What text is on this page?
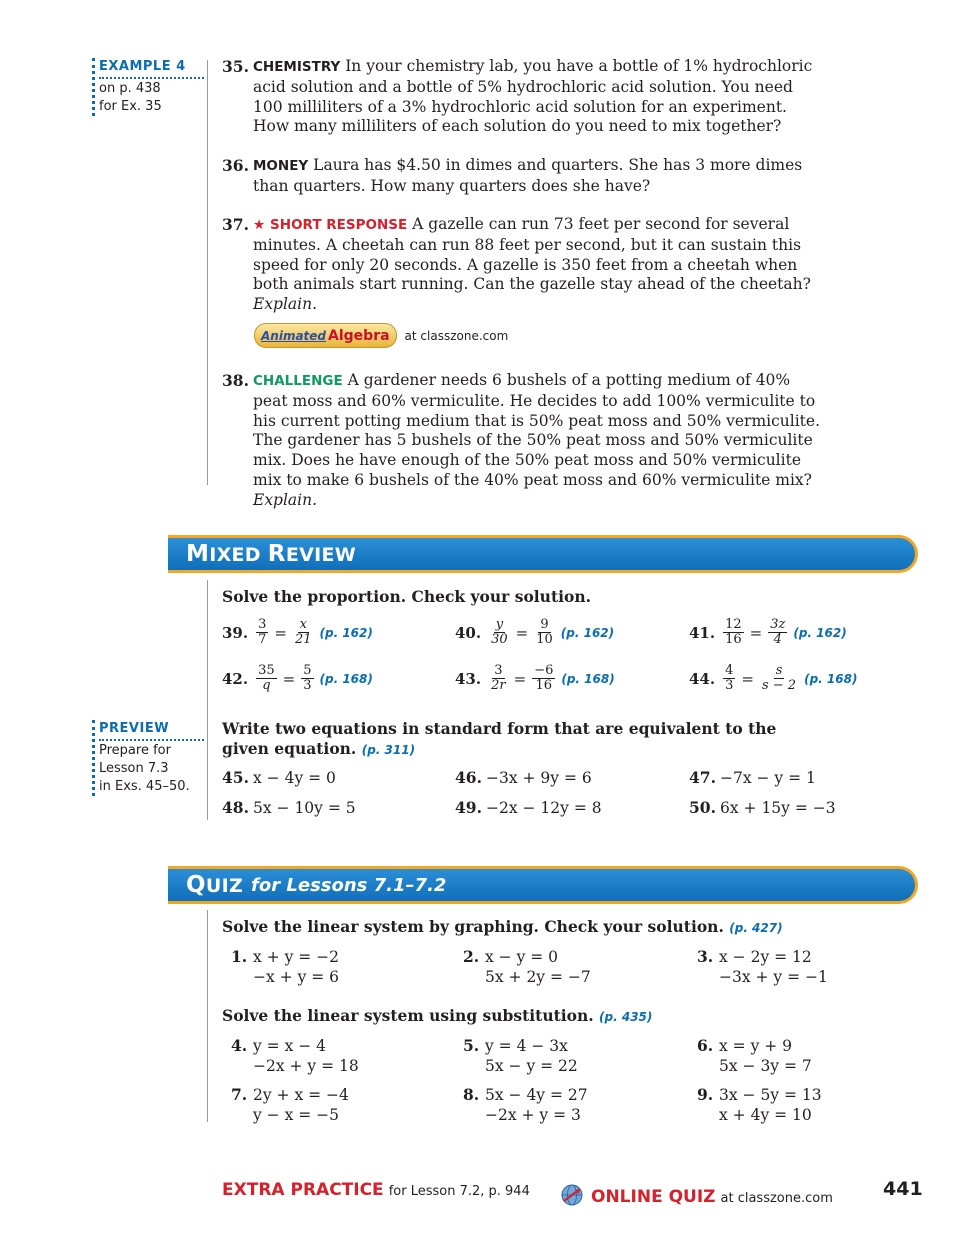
EXAMPLE 4
on p. 438
for Ex. 35
35. CHEMISTRY In your chemistry lab, you have a bottle of 1% hydrochloric acid solution and a bottle of 5% hydrochloric acid solution. You need 100 milliliters of a 3% hydrochloric acid solution for an experiment. How many milliliters of each solution do you need to mix together?
36. MONEY Laura has $4.50 in dimes and quarters. She has 3 more dimes than quarters. How many quarters does she have?
37. ★ SHORT RESPONSE A gazelle can run 73 feet per second for several minutes. A cheetah can run 88 feet per second, but it can sustain this speed for only 20 seconds. A gazelle is 350 feet from a cheetah when both animals start running. Can the gazelle stay ahead of the cheetah?
Explain.
Animated Algebra at classzone.com
38. CHALLENGE A gardener needs 6 bushels of a potting medium of 40% peat moss and 60% vermiculite. He decides to add 100% vermiculite to his current potting medium that is 50% peat moss and 50% vermiculite. The gardener has 5 bushels of the 50% peat moss and 50% vermiculite mix. Does he have enough of the 50% peat moss and 50% vermiculite mix to make 6 bushels of the 40% peat moss and 60% vermiculite mix? Explain.
MIXED REVIEW
Solve the proportion. Check your solution.
39. $\frac{3}{7} = \frac{x}{21} (p$. 162)	40. $\frac{y}{30} = \frac{9}{10} (p$. 162)	41. $\frac{12}{16} = \frac{3z}{4} (p$. 162)
42. $\frac{35}{q} = \frac{5}{3} (p$. 168)	43. $\frac{3}{2r} = \frac{-6}{16} (p$. 168)	44. $\frac{4}{3} = \frac{s}{s - 2} (p$. 168)
PREVIEW
Prepare for
Lesson 7.3
in Exs. 45–50.
Write two equations in standard form that are equivalent to the
given equation. (p. 311)
45. x − 4y = 0	46. −3x + 9y = 6	47. −7x − y = 1
48. 5x − 10y = 5	49. −2x − 12y = 8	50. 6x + 15y = −3
QUIZ for Lessons 7.1–7.2
Solve the linear system by graphing. Check your solution. (p. 427)
1. x + y = −2
−x + y = 6
2. x − y = 0
5x + 2y = −7
3. x − 2y = 12
−3x + y = −1
Solve the linear system using substitution. (p. 435)
4. y = x − 4
−2x + y = 18
5. y = 4 − 3x
5x − y = 22
6. x = y + 9
5x − 3y = 7
7. 2y + x = −4
y − x = −5
8. 5x − 4y = 27
−2x + y = 3
9. 3x − 5y = 13
x + 4y = 10
EXTRA PRACTICE for Lesson 7.2, p. 944	ONLINE QUIZ at classzone.com	441
